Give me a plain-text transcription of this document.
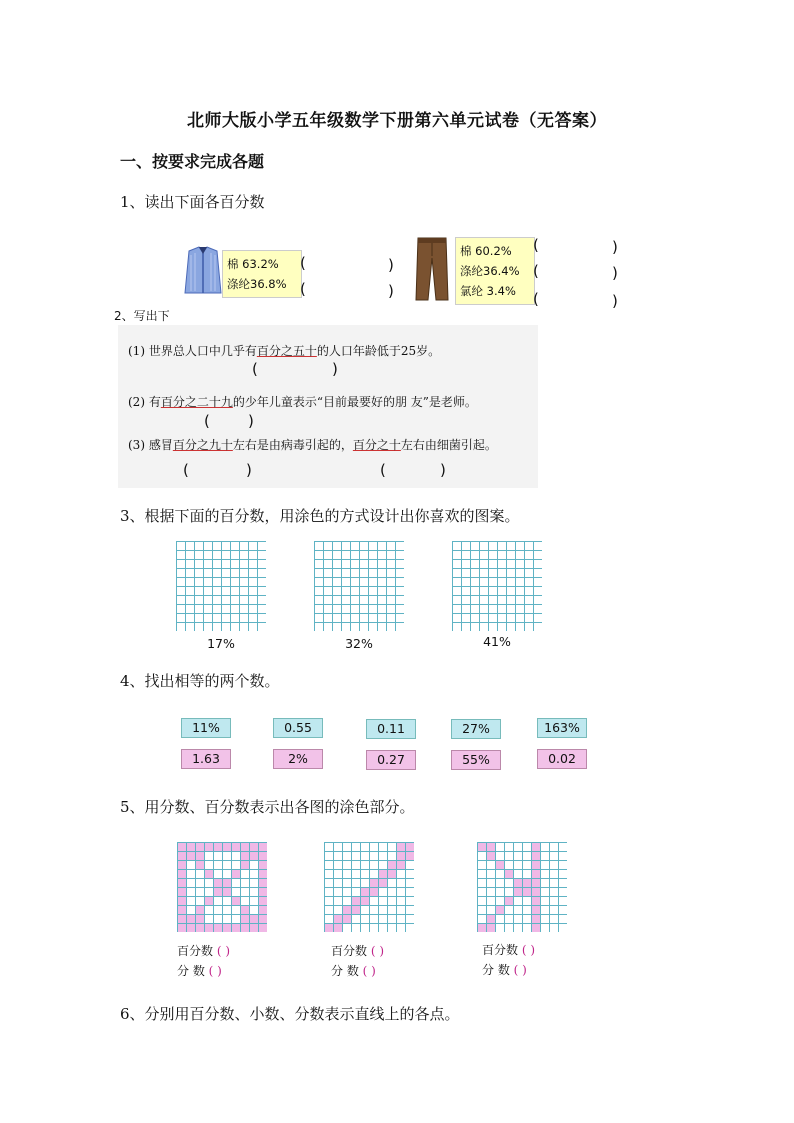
北师大版小学五年级数学下册第六单元试卷（无答案）
一、按要求完成各题
1、读出下面各百分数
棉 63.2%
涤纶36.8%
(	)
(	)
棉 60.2%
涤纶36.4%
氯纶 3.4%
(	)
(	)
(	)
2、写出下
(1) 世界总人口中几乎有百分之五十的人口年龄低于25岁。
(	)
(2) 有百分之二十九的少年儿童表示“目前最要好的朋 友”是老师。
(	)
(3) 感冒百分之九十左右是由病毒引起的，百分之十左右由细菌引起。
(	)	(	)
3、根据下面的百分数，用涂色的方式设计出你喜欢的图案。
17%	32%	41%
4、找出相等的两个数。
11%	0.55	0.11	27%	163%
1.63	2%	0.27	55%	0.02
5、用分数、百分数表示出各图的涂色部分。
百分数 ( )
分 数 ( )
百分数 ( )
分 数 ( )
百分数 ( )
分 数 ( )
6、分别用百分数、小数、分数表示直线上的各点。
